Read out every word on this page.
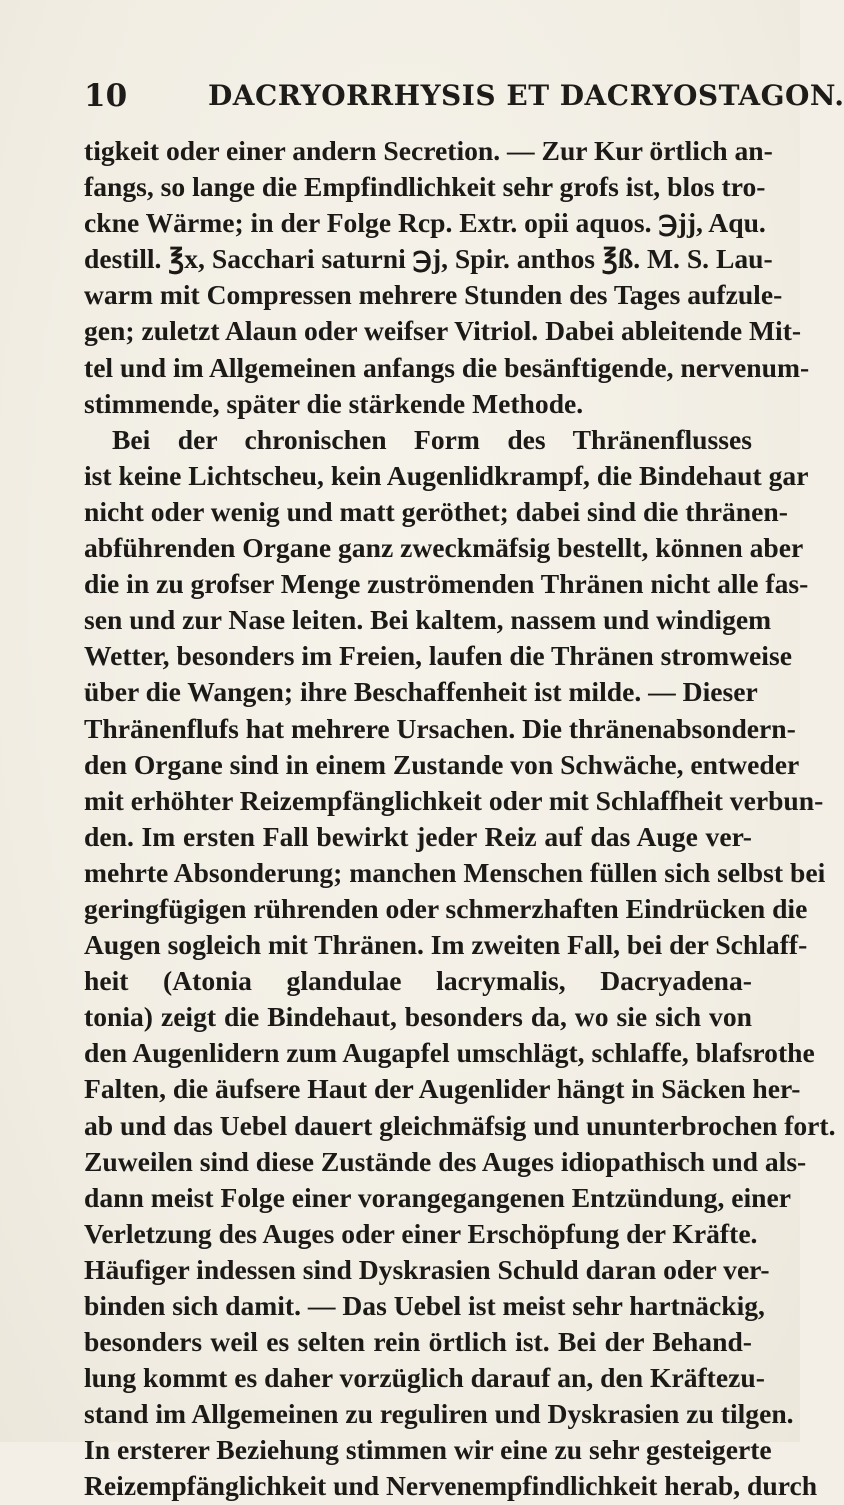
10	DACRYORRHYSIS ET DACRYOSTAGON.
tigkeit oder einer andern Secretion. — Zur Kur örtlich an-
fangs, so lange die Empfindlichkeit sehr grofs ist, blos tro-
ckne Wärme; in der Folge Rcp. Extr. opii aquos. ℈jj, Aqu.
destill. ℥x, Sacchari saturni ℈j, Spir. anthos ℥ß. M. S. Lau-
warm mit Compressen mehrere Stunden des Tages aufzule-
gen; zuletzt Alaun oder weifser Vitriol. Dabei ableitende Mit-
tel und im Allgemeinen anfangs die besänftigende, nervenum-
stimmende, später die stärkende Methode.
Bei der chronischen Form des Thränenflusses
ist keine Lichtscheu, kein Augenlidkrampf, die Bindehaut gar
nicht oder wenig und matt geröthet; dabei sind die thränen-
abführenden Organe ganz zweckmäfsig bestellt, können aber
die in zu grofser Menge zuströmenden Thränen nicht alle fas-
sen und zur Nase leiten. Bei kaltem, nassem und windigem
Wetter, besonders im Freien, laufen die Thränen stromweise
über die Wangen; ihre Beschaffenheit ist milde. — Dieser
Thränenflufs hat mehrere Ursachen. Die thränenabsondern-
den Organe sind in einem Zustande von Schwäche, entweder
mit erhöhter Reizempfänglichkeit oder mit Schlaffheit verbun-
den. Im ersten Fall bewirkt jeder Reiz auf das Auge ver-
mehrte Absonderung; manchen Menschen füllen sich selbst bei
geringfügigen rührenden oder schmerzhaften Eindrücken die
Augen sogleich mit Thränen. Im zweiten Fall, bei der Schlaff-
heit (Atonia glandulae lacrymalis, Dacryadena-
tonia) zeigt die Bindehaut, besonders da, wo sie sich von
den Augenlidern zum Augapfel umschlägt, schlaffe, blafsrothe
Falten, die äufsere Haut der Augenlider hängt in Säcken her-
ab und das Uebel dauert gleichmäfsig und ununterbrochen fort.
Zuweilen sind diese Zustände des Auges idiopathisch und als-
dann meist Folge einer vorangegangenen Entzündung, einer
Verletzung des Auges oder einer Erschöpfung der Kräfte.
Häufiger indessen sind Dyskrasien Schuld daran oder ver-
binden sich damit. — Das Uebel ist meist sehr hartnäckig,
besonders weil es selten rein örtlich ist. Bei der Behand-
lung kommt es daher vorzüglich darauf an, den Kräftezu-
stand im Allgemeinen zu reguliren und Dyskrasien zu tilgen.
In ersterer Beziehung stimmen wir eine zu sehr gesteigerte
Reizempfänglichkeit und Nervenempfindlichkeit herab, durch
